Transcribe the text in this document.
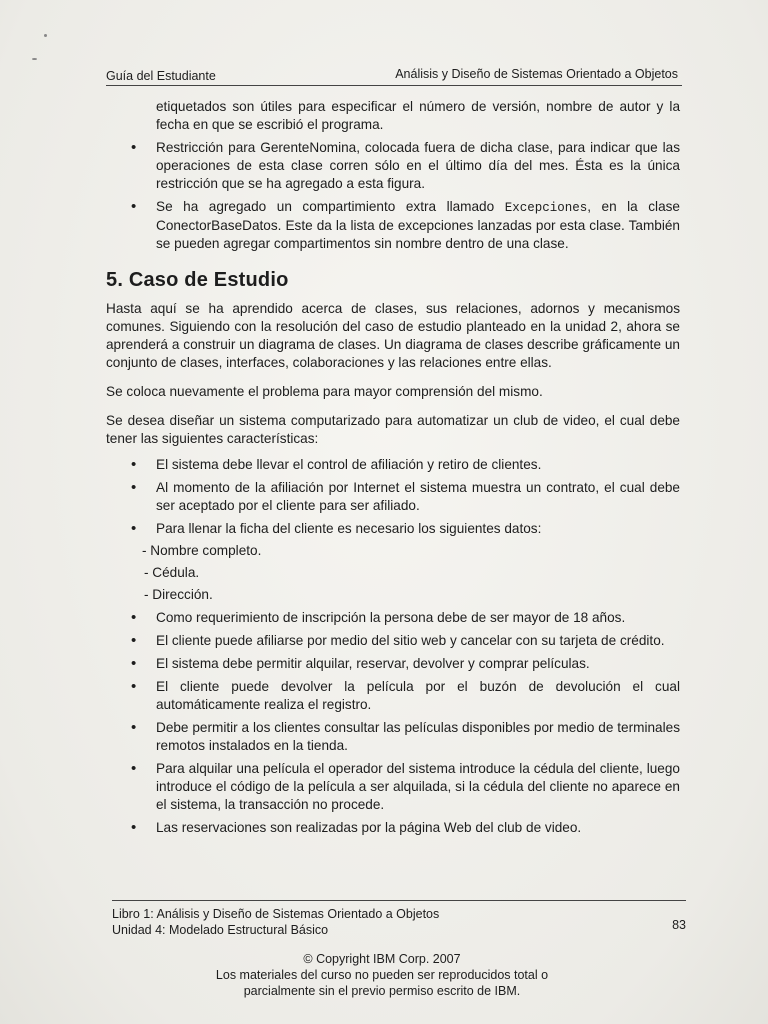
Guía del Estudiante	Análisis y Diseño de Sistemas Orientado a Objetos
etiquetados son útiles para especificar el número de versión, nombre de autor y la fecha en que se escribió el programa.
• Restricción para GerenteNomina, colocada fuera de dicha clase, para indicar que las operaciones de esta clase corren sólo en el último día del mes. Ésta es la única restricción que se ha agregado a esta figura.
• Se ha agregado un compartimiento extra llamado Excepciones, en la clase ConectorBaseDatos. Este da la lista de excepciones lanzadas por esta clase. También se pueden agregar compartimentos sin nombre dentro de una clase.
5. Caso de Estudio

Hasta aquí se ha aprendido acerca de clases, sus relaciones, adornos y mecanismos comunes. Siguiendo con la resolución del caso de estudio planteado en la unidad 2, ahora se aprenderá a construir un diagrama de clases. Un diagrama de clases describe gráficamente un conjunto de clases, interfaces, colaboraciones y las relaciones entre ellas.

Se coloca nuevamente el problema para mayor comprensión del mismo.

Se desea diseñar un sistema computarizado para automatizar un club de video, el cual debe tener las siguientes características:

• El sistema debe llevar el control de afiliación y retiro de clientes.
• Al momento de la afiliación por Internet el sistema muestra un contrato, el cual debe ser aceptado por el cliente para ser afiliado.
• Para llenar la ficha del cliente es necesario los siguientes datos:
- Nombre completo.
- Cédula.
- Dirección.
• Como requerimiento de inscripción la persona debe de ser mayor de 18 años.
• El cliente puede afiliarse por medio del sitio web y cancelar con su tarjeta de crédito.
• El sistema debe permitir alquilar, reservar, devolver y comprar películas.
• El cliente puede devolver la película por el buzón de devolución el cual automáticamente realiza el registro.
• Debe permitir a los clientes consultar las películas disponibles por medio de terminales remotos instalados en la tienda.
• Para alquilar una película el operador del sistema introduce la cédula del cliente, luego introduce el código de la película a ser alquilada, si la cédula del cliente no aparece en el sistema, la transacción no procede.
• Las reservaciones son realizadas por la página Web del club de video.
Libro 1: Análisis y Diseño de Sistemas Orientado a Objetos
Unidad 4: Modelado Estructural Básico	83
© Copyright IBM Corp. 2007
Los materiales del curso no pueden ser reproducidos total o
parcialmente sin el previo permiso escrito de IBM.
